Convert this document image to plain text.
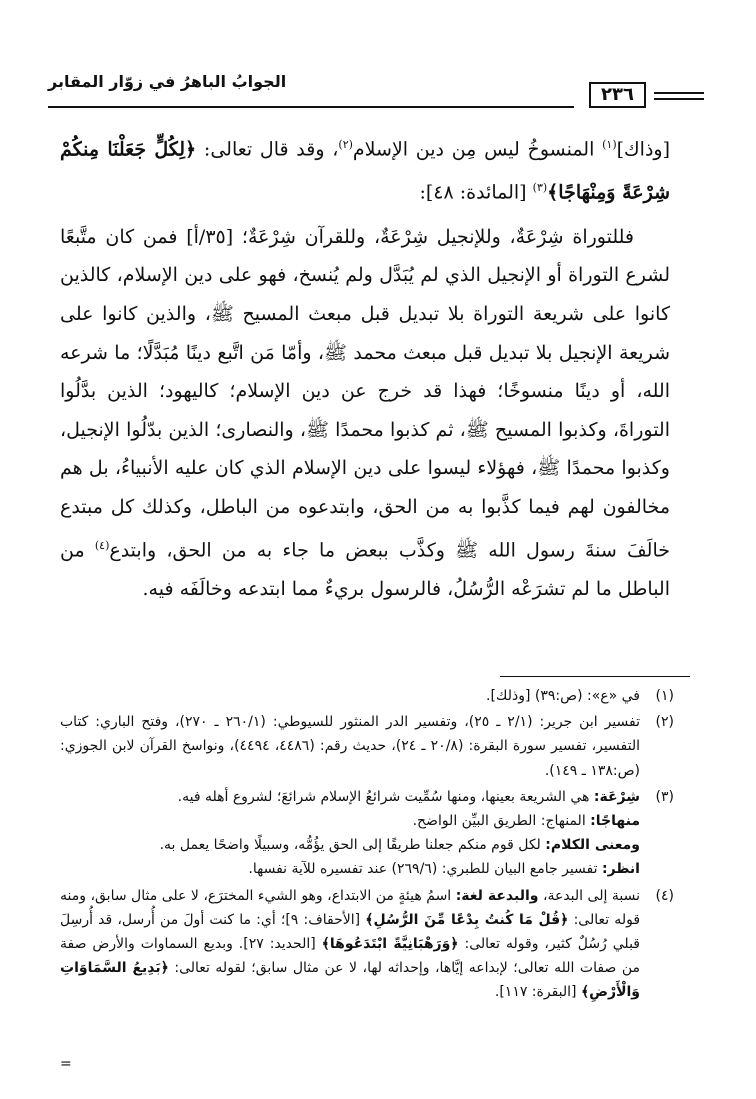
٢٣٦
الجوابُ الباهرُ في زوّار المقابر

[وذاك]$^{(١)}$ المنسوخُ ليس مِن دين الإسلام$^{(٢)}$، وقد قال تعالى: ﴿لِكُلٍّ جَعَلْنَا مِنكُمْ شِرْعَةً وَمِنْهَاجًا﴾$^{(٣)}$ [المائدة: ٤٨]:

فللتوراة شِرْعَةٌ، وللإنجيل شِرْعَةٌ، وللقرآن شِرْعَةٌ؛ [٣٥/أ] فمن كان متَّبعًا لشرع التوراة أو الإنجيل الذي لم يُبَدَّل ولم يُنسخ، فهو على دين الإسلام، كالذين كانوا على شريعة التوراة بلا تبديل قبل مبعث المسيح ﷺ، والذين كانوا على شريعة الإنجيل بلا تبديل قبل مبعث محمد ﷺ، وأمّا مَن اتَّبع دينًا مُبَدَّلًا؛ ما شرعه الله، أو دينًا منسوخًا؛ فهذا قد خرج عن دين الإسلام؛ كاليهود؛ الذين بدَّلُوا التوراةَ، وكذبوا المسيح ﷺ، ثم كذبوا محمدًا ﷺ، والنصارى؛ الذين بدّلُوا الإنجيل، وكذبوا محمدًا ﷺ، فهؤلاء ليسوا على دين الإسلام الذي كان عليه الأنبياءُ، بل هم مخالفون لهم فيما كذَّبوا به من الحق، وابتدعوه من الباطل، وكذلك كل مبتدع خالَفَ سنةَ رسول الله ﷺ وكذَّب ببعض ما جاء به من الحق، وابتدع$^{(٤)}$ من الباطل ما لم تشرَعْه الرُّسُلُ، فالرسول بريءٌ مما ابتدعه وخالَفَه فيه.

(١)
في «ع»: (ص:٣٩) [وذلك].
(٢)
تفسير ابن جرير: (٢/١ ـ ٢٥)، وتفسير الدر المنثور للسيوطي: (٢٦٠/١ ـ ٢٧٠)، وفتح الباري: كتاب التفسير، تفسير سورة البقرة: (٢٠/٨ ـ ٢٤)، حديث رقم: (٤٤٨٦، ٤٤٩٤)، ونواسخ القرآن لابن الجوزي: (ص:١٣٨ ـ ١٤٩).
(٣)

شِرْعَة: هي الشريعة بعينها، ومنها سُمِّيت شرائعُ الإسلام شرائعَ؛ لشروع أهله فيه.

منهاجًا: المنهاج: الطريق البيِّن الواضح.

ومعنى الكلام: لكل قوم منكم جعلنا طريقًا إلى الحق يؤُمُّه، وسبيلًا واضحًا يعمل به.

انظر: تفسير جامع البيان للطبري: (٢٦٩/٦) عند تفسيره للآية نفسها.

(٤)
نسبة إلى البدعة، والبدعة لغة: اسمُ هيئةٍ من الابتداع، وهو الشيء المخترَع، لا على مثال سابق، ومنه قوله تعالى: ﴿قُلْ مَا كُنتُ بِدْعًا مِّنَ الرُّسُلِ﴾ [الأحقاف: ٩]؛ أي: ما كنت أولَ من أُرسل، قد أُرسِلَ قبلي رُسُلٌ كثير، وقوله تعالى: ﴿وَرَهْبَانِيَّةً ابْتَدَعُوهَا﴾ [الحديد: ٢٧]. وبديع السماوات والأرض صفة من صفات الله تعالى؛ لإبداعه إيَّاها، وإحداثه لها، لا عن مثال سابق؛ لقوله تعالى: ﴿بَدِيعُ السَّمَاوَاتِ وَالْأَرْضِ﴾ [البقرة: ١١٧].
=
